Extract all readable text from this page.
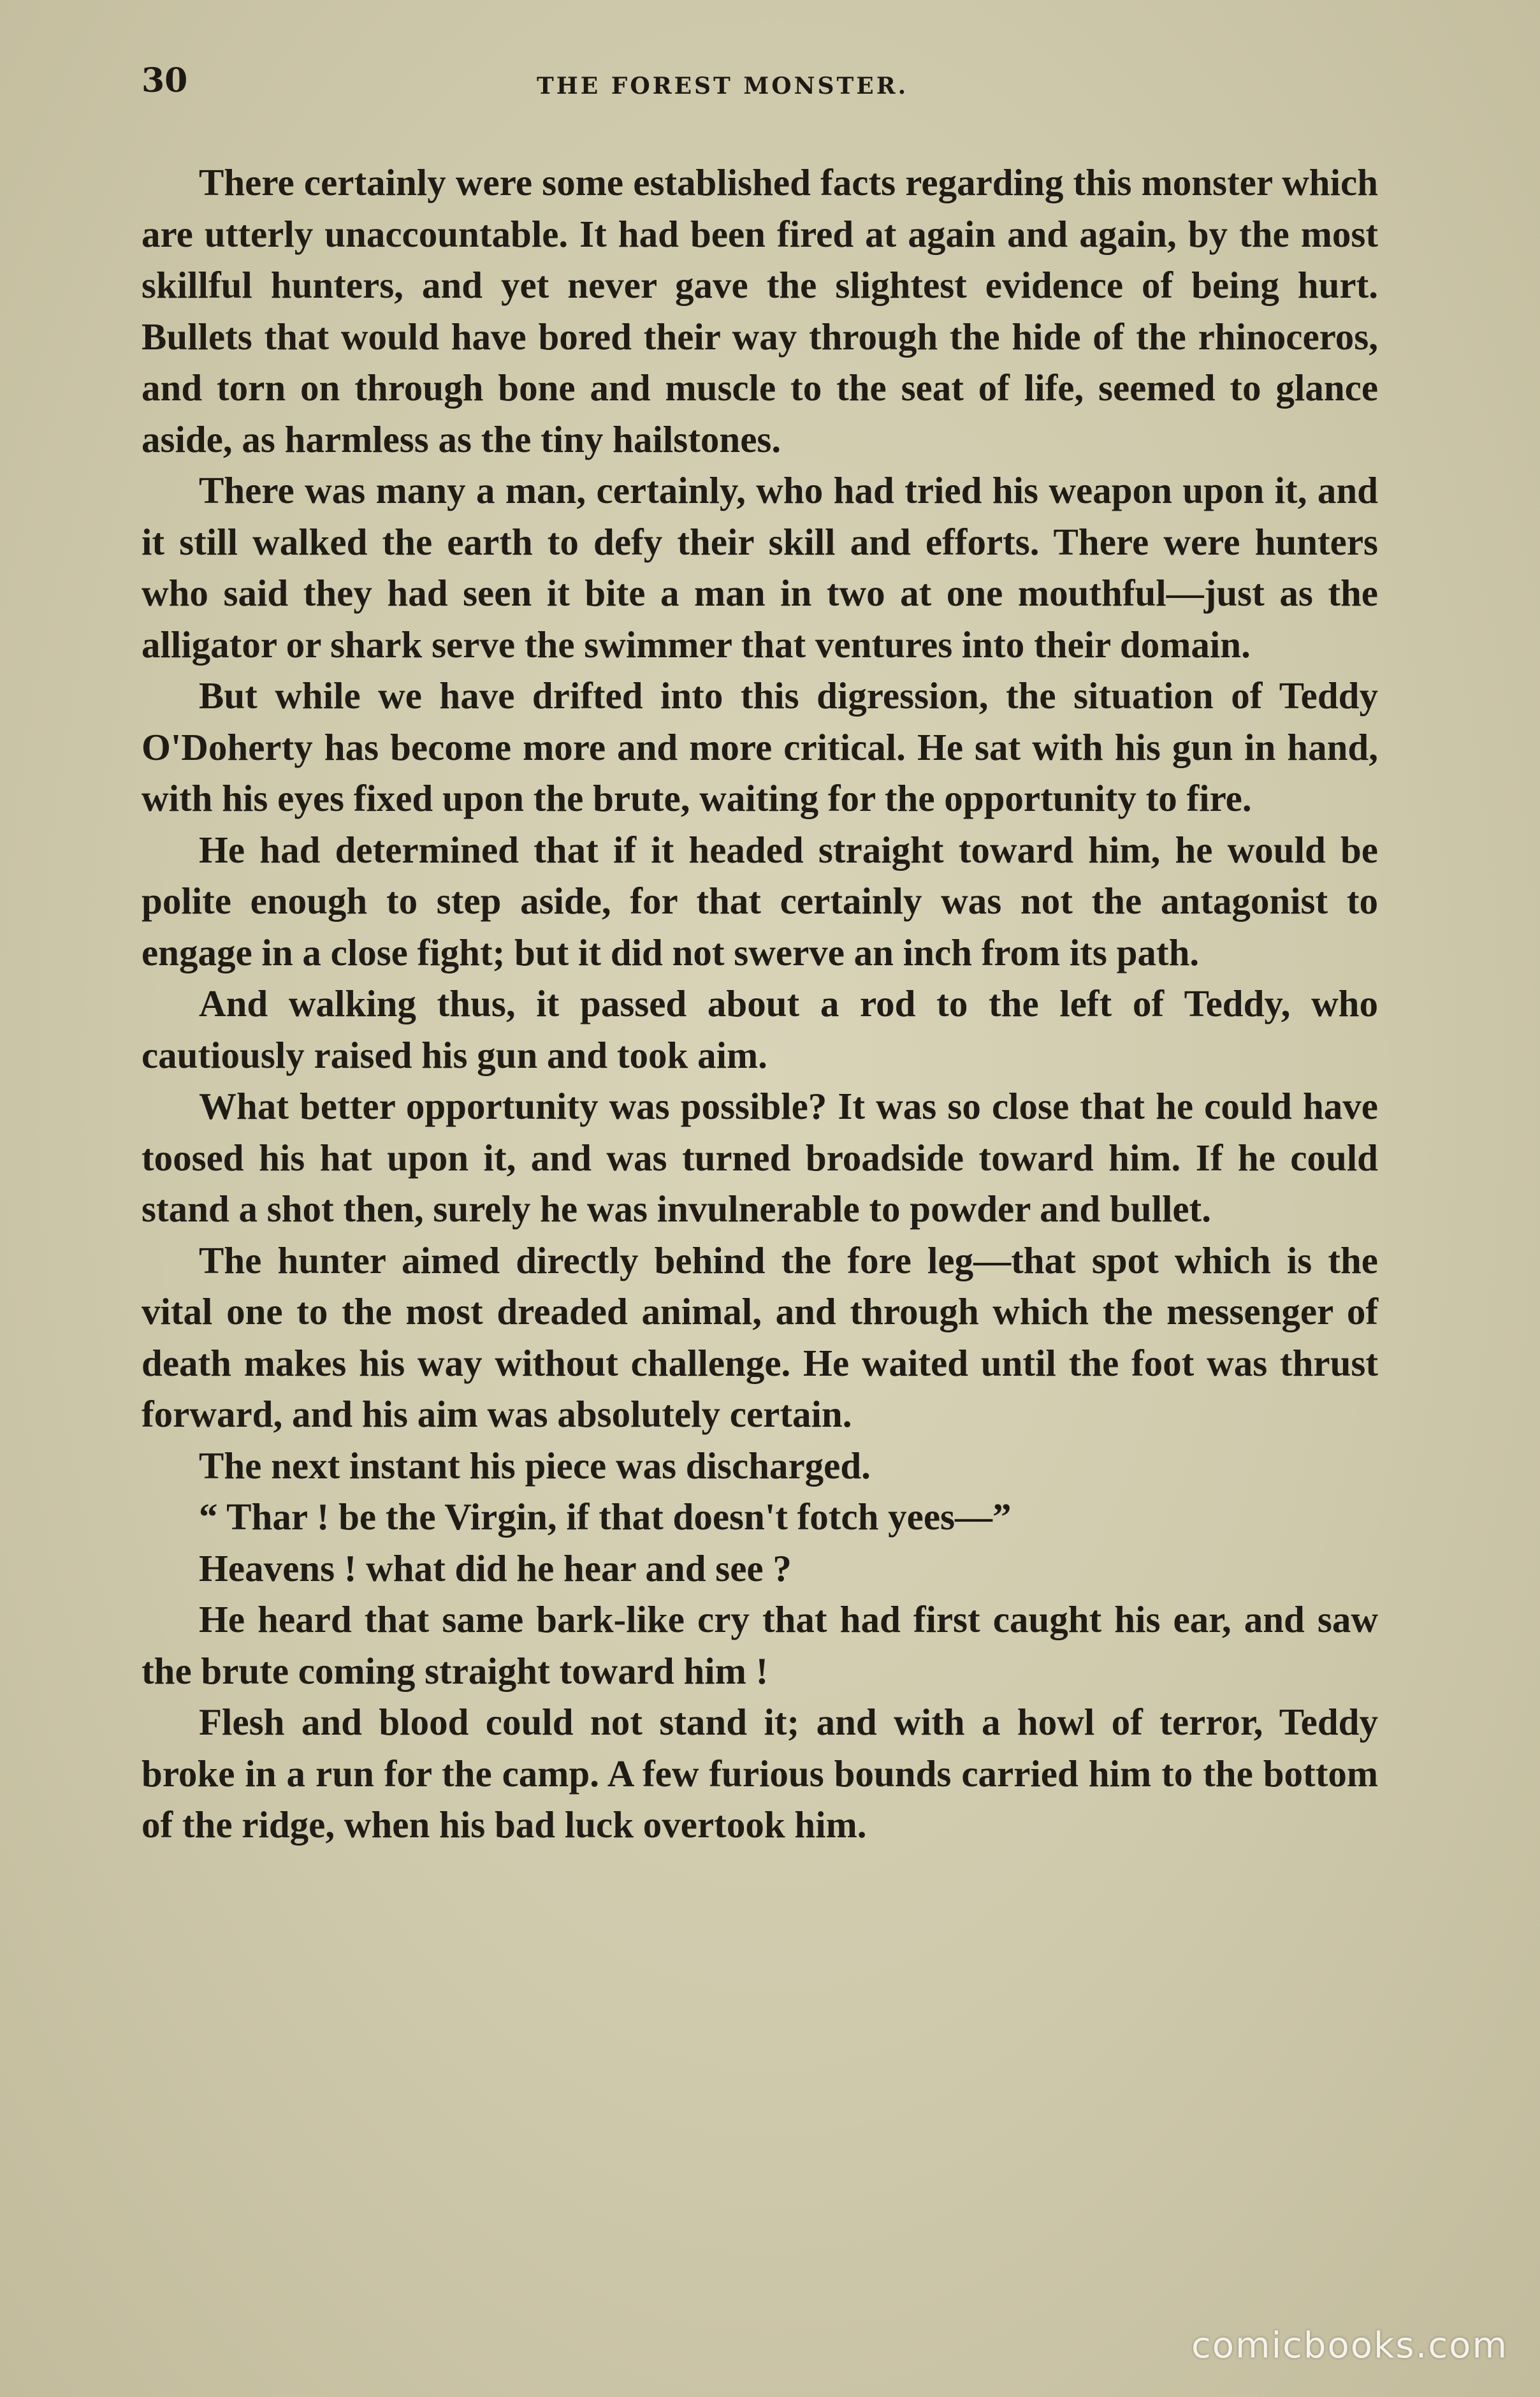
30	THE FOREST MONSTER.

There certainly were some established facts regarding this monster which are utterly unaccountable. It had been fired at again and again, by the most skillful hunters, and yet never gave the slightest evidence of being hurt. Bullets that would have bored their way through the hide of the rhinoceros, and torn on through bone and muscle to the seat of life, seemed to glance aside, as harmless as the tiny hailstones.

There was many a man, certainly, who had tried his weapon upon it, and it still walked the earth to defy their skill and efforts. There were hunters who said they had seen it bite a man in two at one mouthful—just as the alligator or shark serve the swimmer that ventures into their domain.

But while we have drifted into this digression, the situation of Teddy O'Doherty has become more and more critical. He sat with his gun in hand, with his eyes fixed upon the brute, waiting for the opportunity to fire.

He had determined that if it headed straight toward him, he would be polite enough to step aside, for that certainly was not the antagonist to engage in a close fight; but it did not swerve an inch from its path.

And walking thus, it passed about a rod to the left of Teddy, who cautiously raised his gun and took aim.

What better opportunity was possible? It was so close that he could have toosed his hat upon it, and was turned broadside toward him. If he could stand a shot then, surely he was invulnerable to powder and bullet.

The hunter aimed directly behind the fore leg—that spot which is the vital one to the most dreaded animal, and through which the messenger of death makes his way without challenge. He waited until the foot was thrust forward, and his aim was absolutely certain.

The next instant his piece was discharged.

“ Thar ! be the Virgin, if that doesn't fotch yees—”

Heavens ! what did he hear and see ?

He heard that same bark-like cry that had first caught his ear, and saw the brute coming straight toward him !

Flesh and blood could not stand it; and with a howl of terror, Teddy broke in a run for the camp. A few furious bounds carried him to the bottom of the ridge, when his bad luck overtook him.

comicbooks.com
